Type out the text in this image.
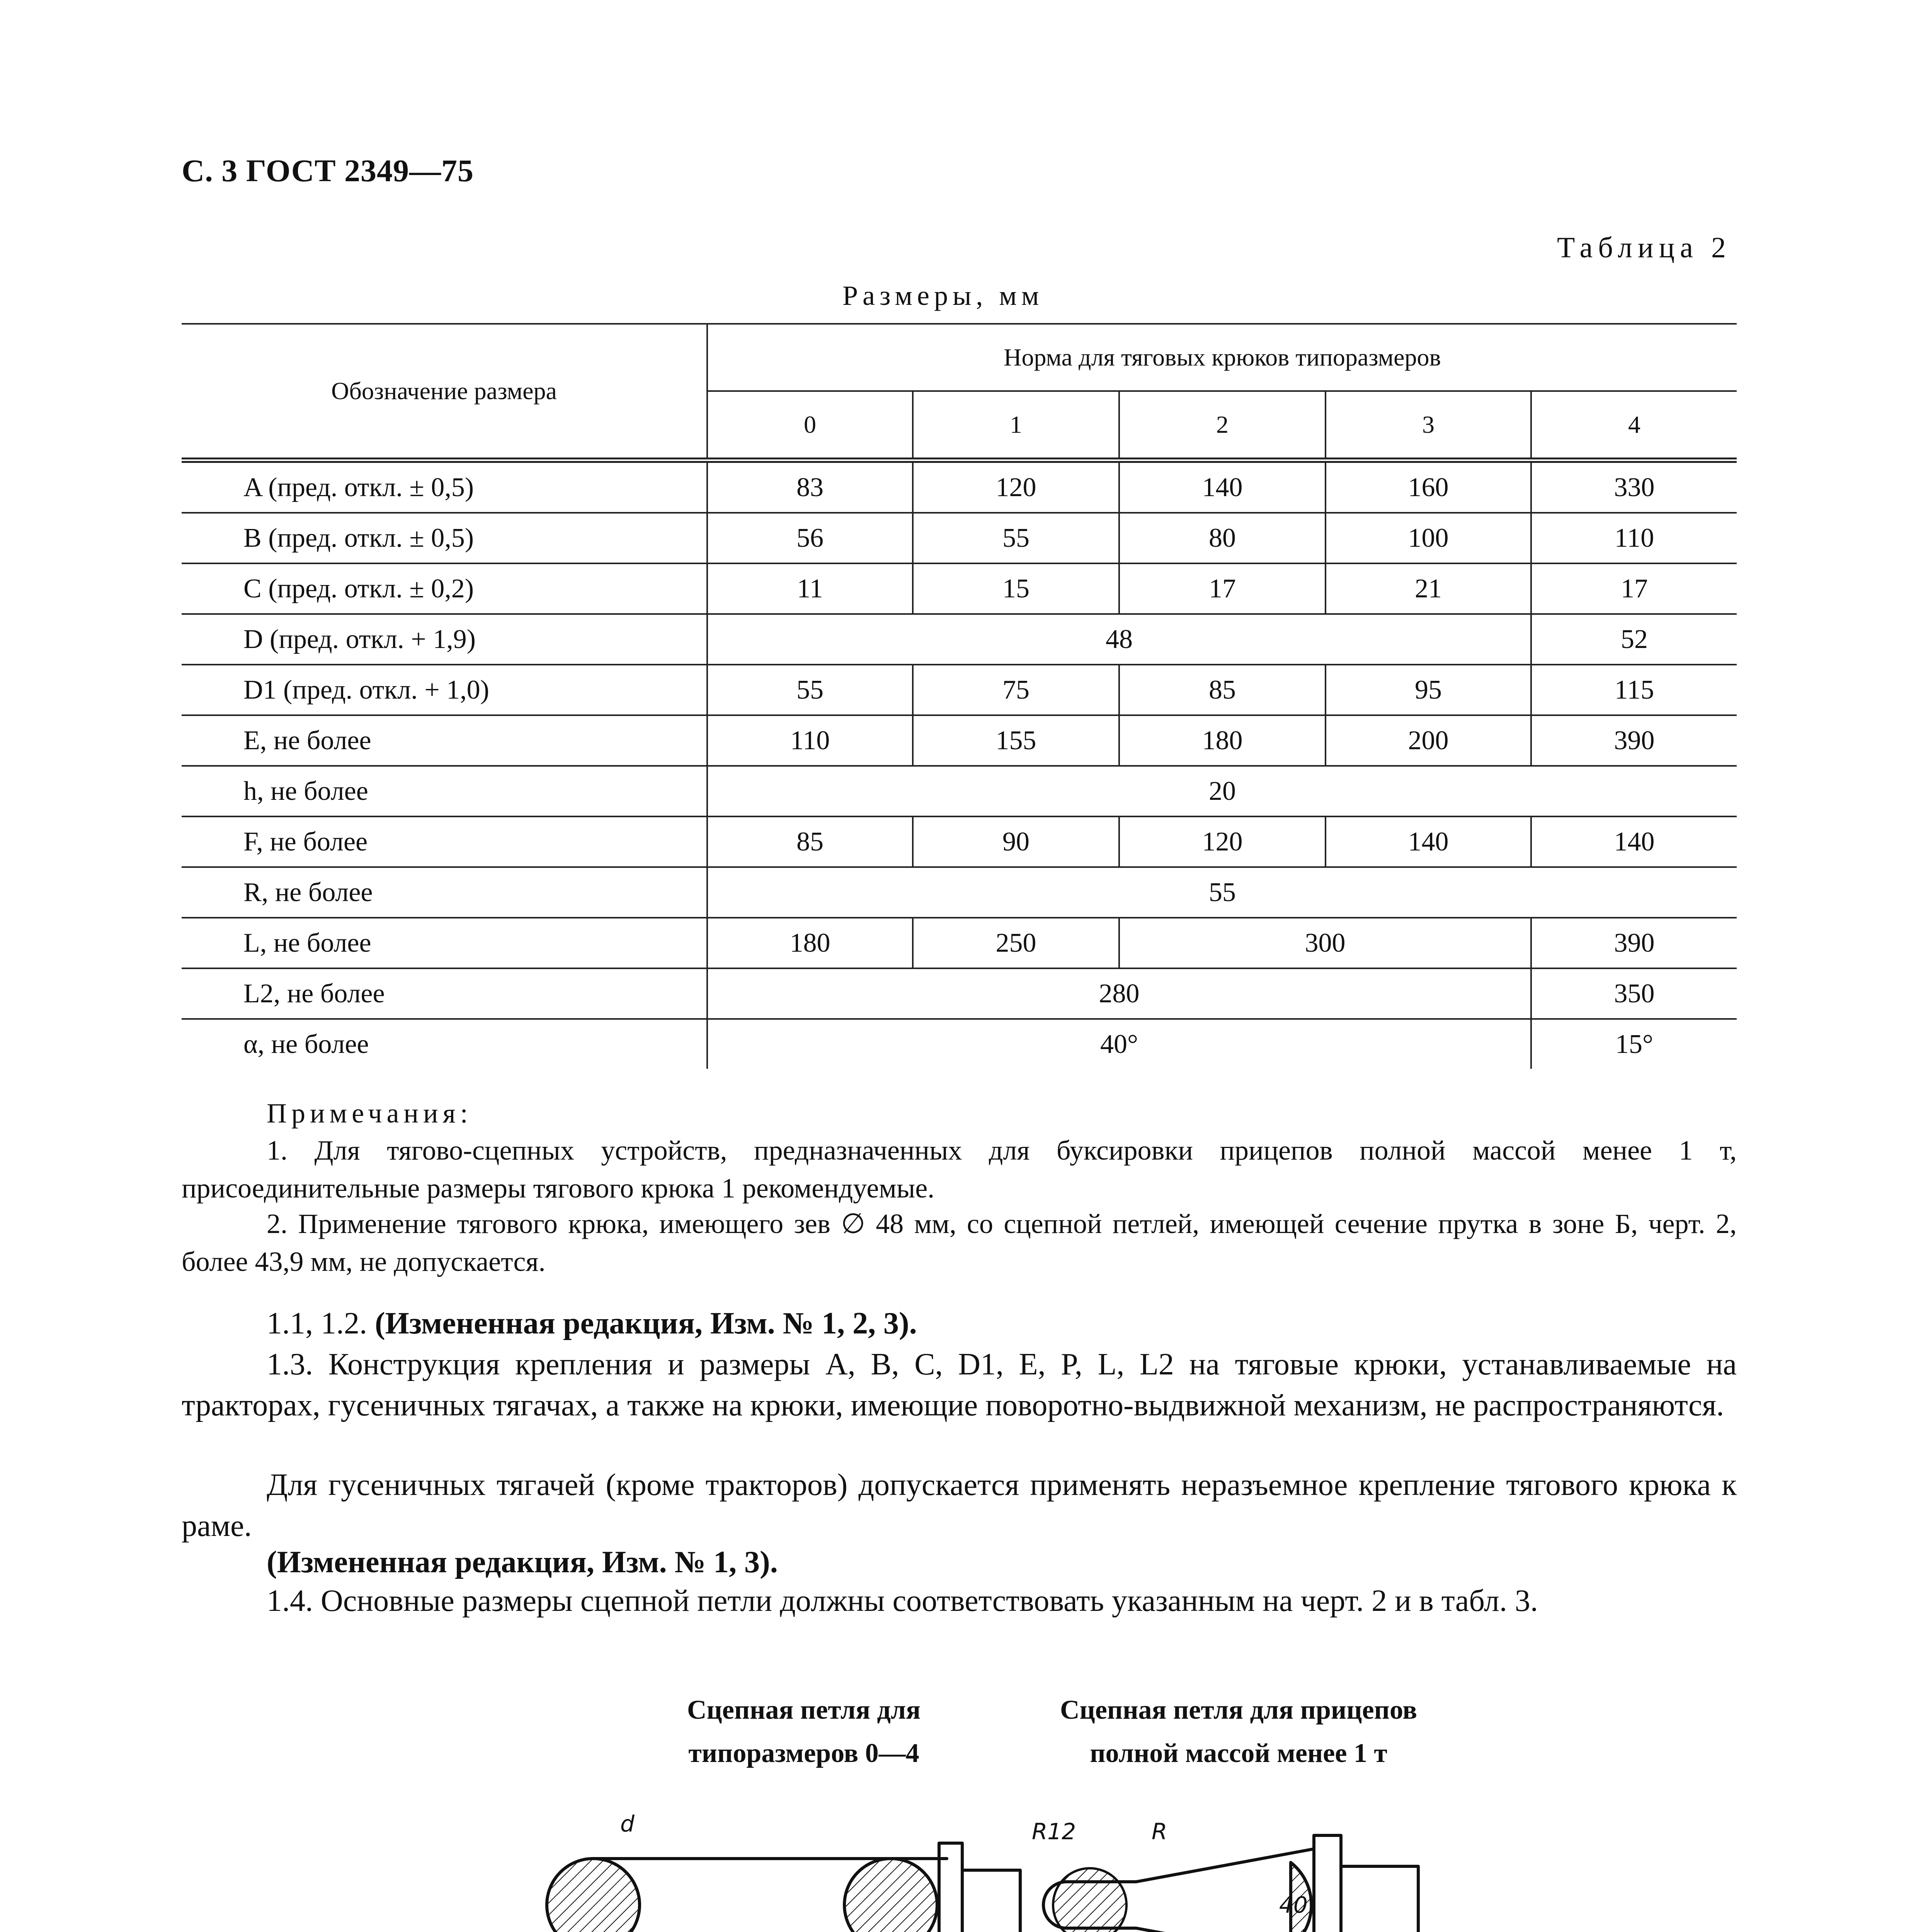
С. 3 ГОСТ 2349—75
Таблица 2
Размеры, мм
Обозначение размера	Норма для тяговых крюков типоразмеров				
	0	1	2	3	4
A (пред. откл. ± 0,5)	83	120	140	160	330
B (пред. откл. ± 0,5)	56	55	80	100	110
C (пред. откл. ± 0,2)	11	15	17	21	17
D (пред. откл. + 1,9)	48				52
D1 (пред. откл. + 1,0)	55	75	85	95	115
E, не более	110	155	180	200	390
h, не более	20				
F, не более	85	90	120	140	140
R, не более	55				
L, не более	180	250	300		390
L2, не более	280				350
α, не более	40°				15°
Примечания:
1. Для тягово-сцепных устройств, предназначенных для буксировки прицепов полной массой менее 1 т, присоединительные размеры тягового крюка 1 рекомендуемые.
2. Применение тягового крюка, имеющего зев ∅ 48 мм, со сцепной петлей, имеющей сечение прутка в зоне Б, черт. 2, более 43,9 мм, не допускается.
1.1, 1.2. (Измененная редакция, Изм. № 1, 2, 3).
1.3. Конструкция крепления и размеры A, B, C, D1, E, P, L, L2 на тяговые крюки, устанавливаемые на тракторах, гусеничных тягачах, а также на крюки, имеющие поворотно-выдвижной механизм, не распространяются.
Для гусеничных тягачей (кроме тракторов) допускается применять неразъемное крепление тягового крюка к раме.
(Измененная редакция, Изм. № 1, 3).
1.4. Основные размеры сцепной петли должны соответствовать указанным на черт. 2 и в табл. 3.
Сцепная петля для
типоразмеров 0—4
Сцепная петля для прицепов
полной массой менее 1 т
d	R12	R
40
